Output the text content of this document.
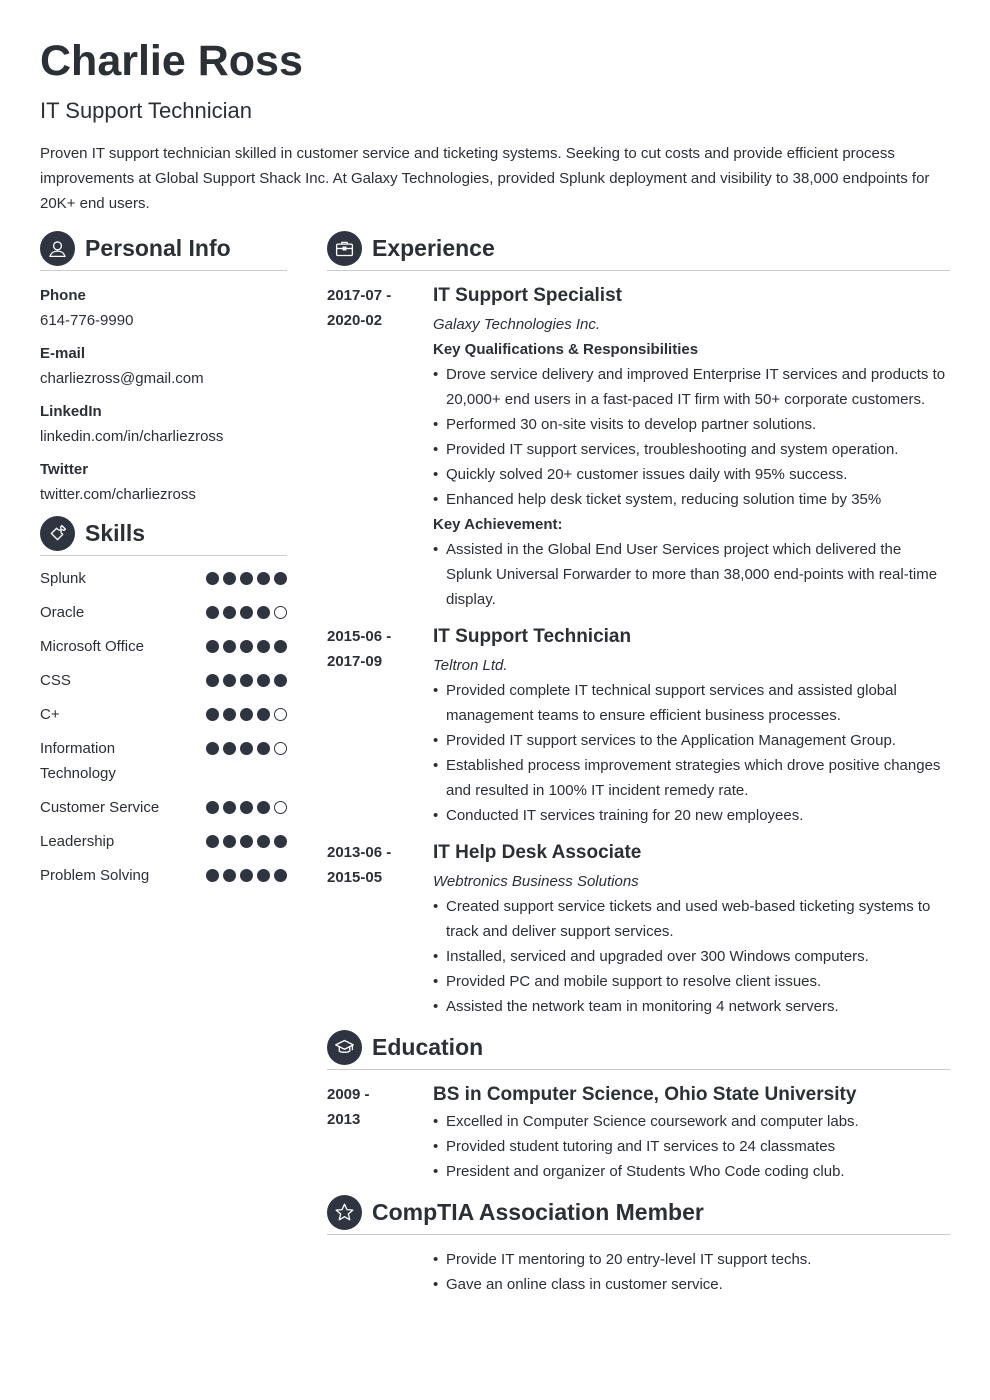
Charlie Ross
IT Support Technician
Proven IT support technician skilled in customer service and ticketing systems. Seeking to cut costs and provide efficient process improvements at Global Support Shack Inc. At Galaxy Technologies, provided Splunk deployment and visibility to 38,000 endpoints for 20K+ end users.
Personal Info
Phone
614-776-9990
E-mail
charliezross@gmail.com
LinkedIn
linkedin.com/in/charliezross
Twitter
twitter.com/charliezross
Skills
Splunk
Oracle
Microsoft Office
CSS
C+
Information Technology
Customer Service
Leadership
Problem Solving
Experience
2017-07 -
2020-02
IT Support Specialist
Galaxy Technologies Inc.
Key Qualifications & Responsibilities
• Drove service delivery and improved Enterprise IT services and products to 20,000+ end users in a fast-paced IT firm with 50+ corporate customers.
• Performed 30 on-site visits to develop partner solutions.
• Provided IT support services, troubleshooting and system operation.
• Quickly solved 20+ customer issues daily with 95% success.
• Enhanced help desk ticket system, reducing solution time by 35%
Key Achievement:
• Assisted in the Global End User Services project which delivered the Splunk Universal Forwarder to more than 38,000 end-points with real-time display.
2015-06 -
2017-09
IT Support Technician
Teltron Ltd.
• Provided complete IT technical support services and assisted global management teams to ensure efficient business processes.
• Provided IT support services to the Application Management Group.
• Established process improvement strategies which drove positive changes and resulted in 100% IT incident remedy rate.
• Conducted IT services training for 20 new employees.
2013-06 -
2015-05
IT Help Desk Associate
Webtronics Business Solutions
• Created support service tickets and used web-based ticketing systems to track and deliver support services.
• Installed, serviced and upgraded over 300 Windows computers.
• Provided PC and mobile support to resolve client issues.
• Assisted the network team in monitoring 4 network servers.
Education
2009 -
2013
BS in Computer Science, Ohio State University
• Excelled in Computer Science coursework and computer labs.
• Provided student tutoring and IT services to 24 classmates
• President and organizer of Students Who Code coding club.
CompTIA Association Member
• Provide IT mentoring to 20 entry-level IT support techs.
• Gave an online class in customer service.
